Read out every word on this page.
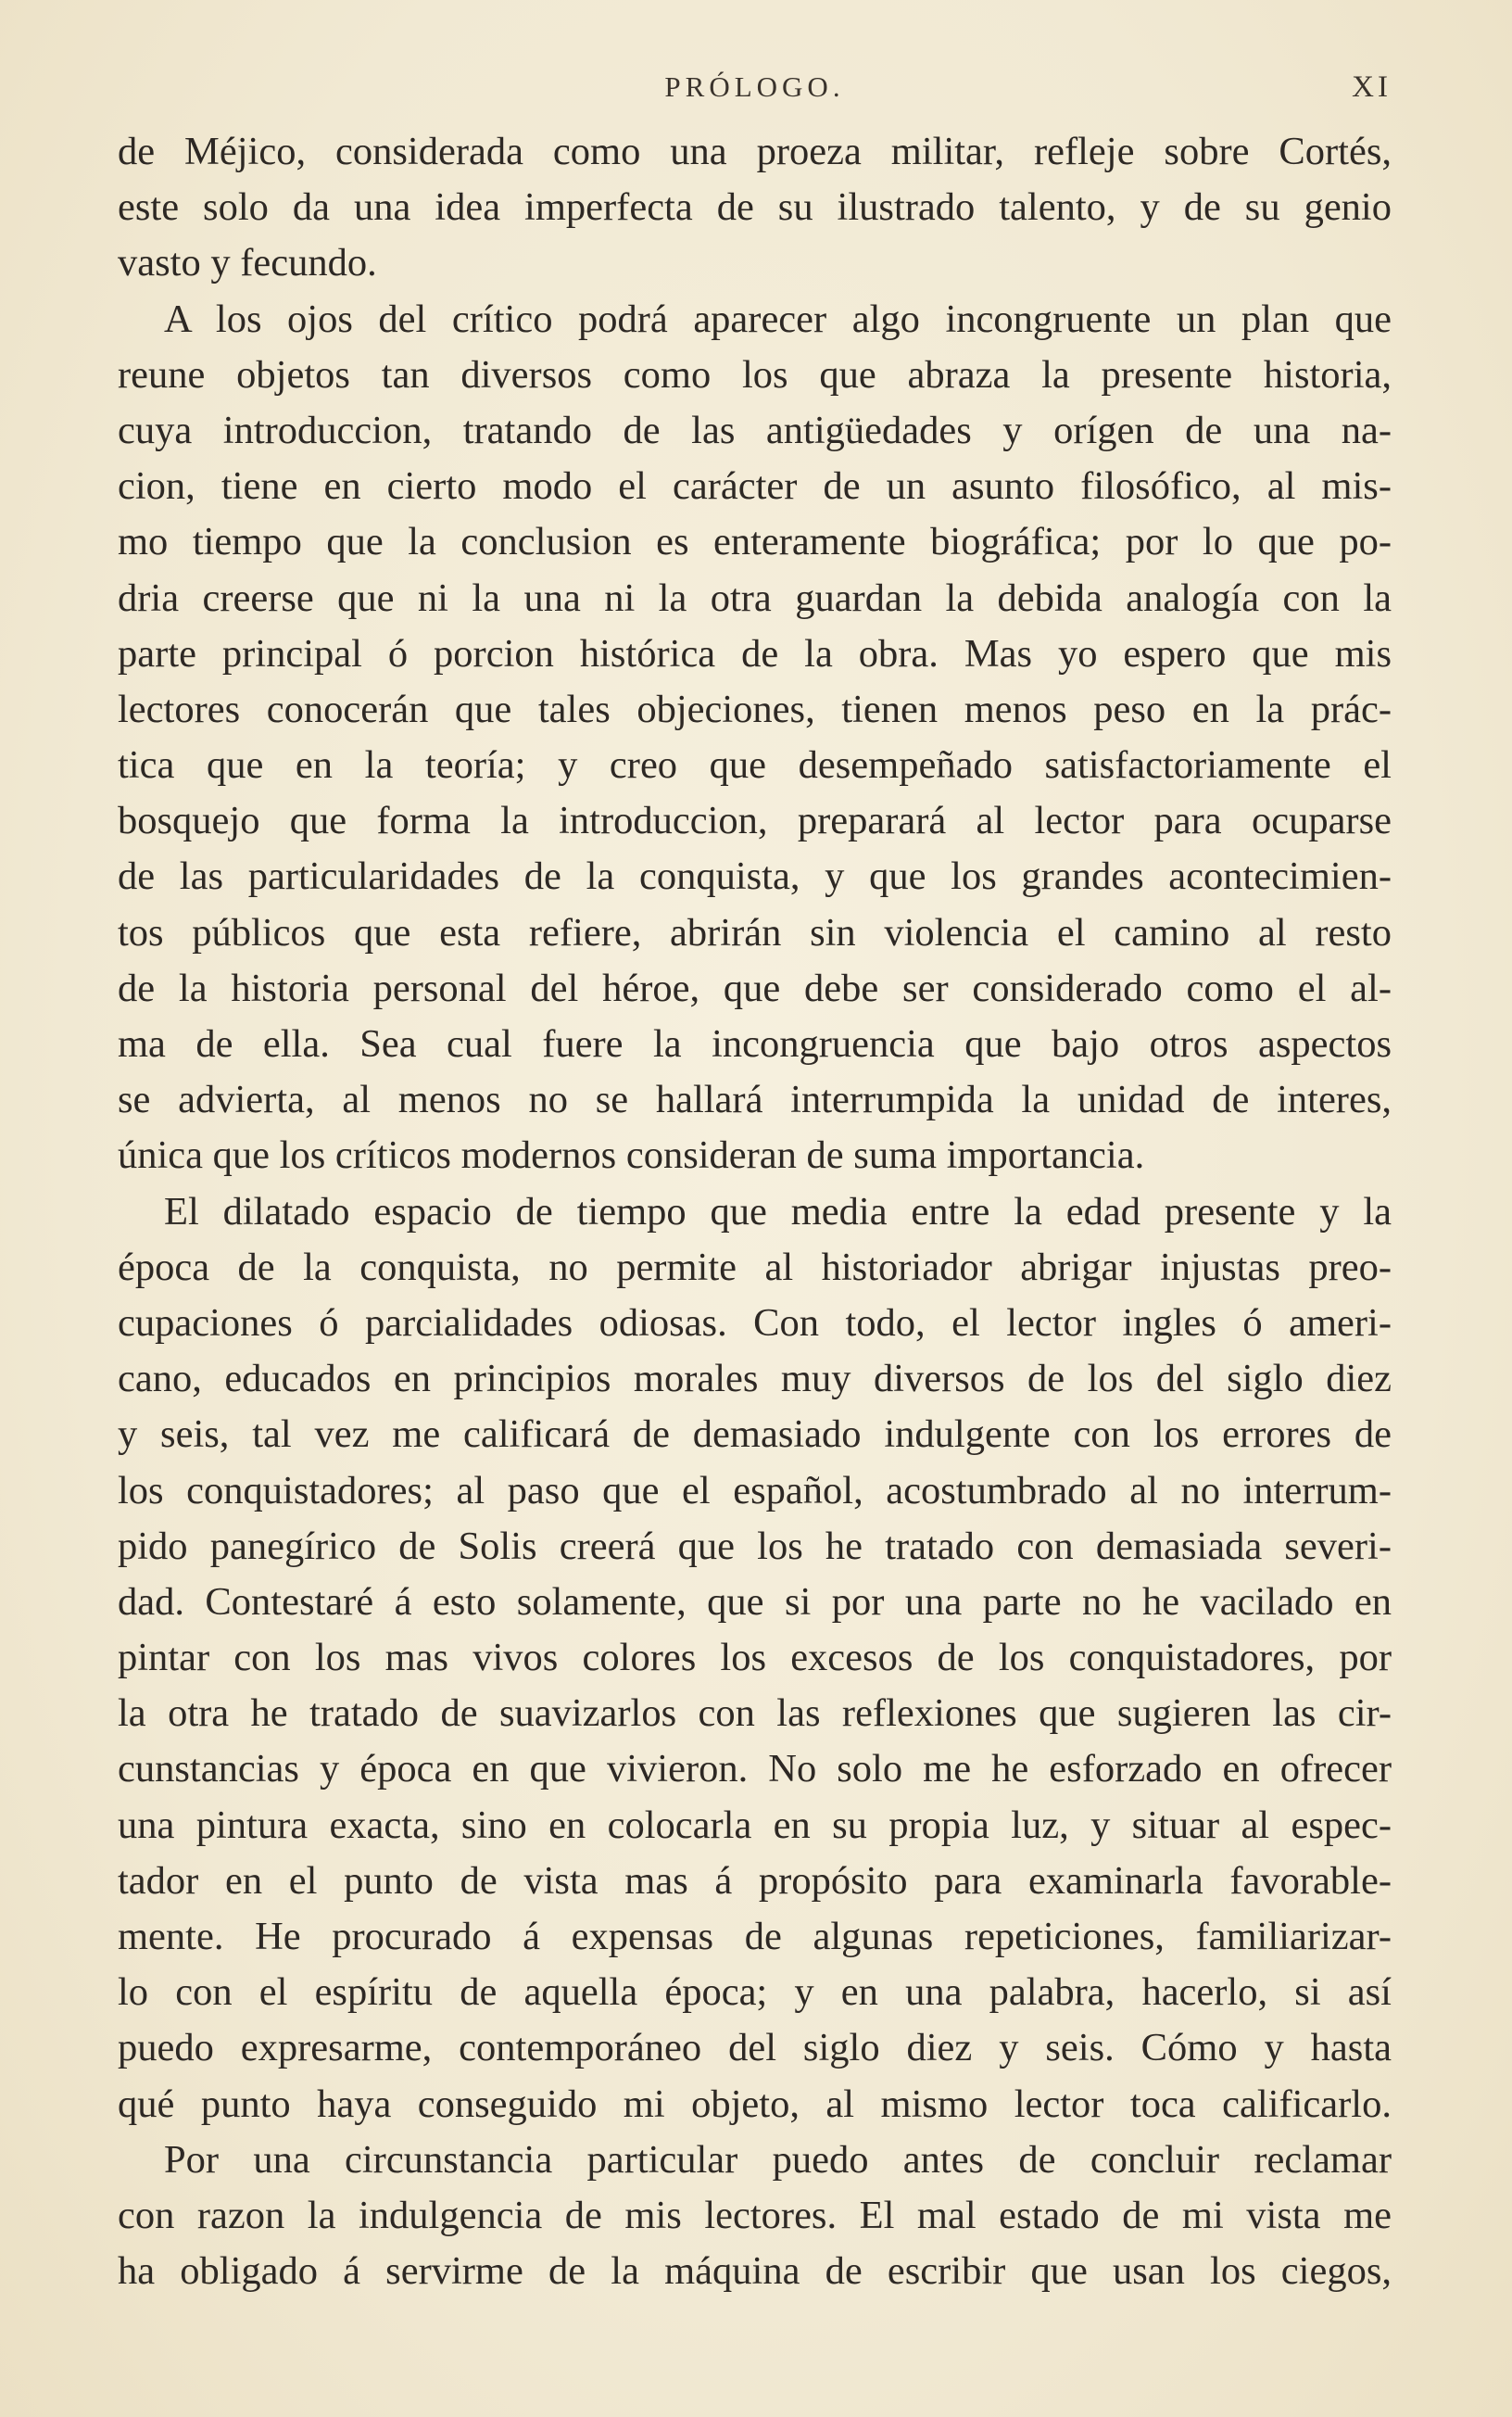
PRÓLOGO.	XI
de Méjico, considerada como una proeza militar, refleje sobre Cortés,
este solo da una idea imperfecta de su ilustrado talento, y de su genio
vasto y fecundo.
A los ojos del crítico podrá aparecer algo incongruente un plan que
reune objetos tan diversos como los que abraza la presente historia,
cuya introduccion, tratando de las antigüedades y orígen de una na-
cion, tiene en cierto modo el carácter de un asunto filosófico, al mis-
mo tiempo que la conclusion es enteramente biográfica; por lo que po-
dria creerse que ni la una ni la otra guardan la debida analogía con la
parte principal ó porcion histórica de la obra. Mas yo espero que mis
lectores conocerán que tales objeciones, tienen menos peso en la prác-
tica que en la teoría; y creo que desempeñado satisfactoriamente el
bosquejo que forma la introduccion, preparará al lector para ocuparse
de las particularidades de la conquista, y que los grandes acontecimien-
tos públicos que esta refiere, abrirán sin violencia el camino al resto
de la historia personal del héroe, que debe ser considerado como el al-
ma de ella. Sea cual fuere la incongruencia que bajo otros aspectos
se advierta, al menos no se hallará interrumpida la unidad de interes,
única que los críticos modernos consideran de suma importancia.
El dilatado espacio de tiempo que media entre la edad presente y la
época de la conquista, no permite al historiador abrigar injustas preo-
cupaciones ó parcialidades odiosas. Con todo, el lector ingles ó ameri-
cano, educados en principios morales muy diversos de los del siglo diez
y seis, tal vez me calificará de demasiado indulgente con los errores de
los conquistadores; al paso que el español, acostumbrado al no interrum-
pido panegírico de Solis creerá que los he tratado con demasiada severi-
dad. Contestaré á esto solamente, que si por una parte no he vacilado en
pintar con los mas vivos colores los excesos de los conquistadores, por
la otra he tratado de suavizarlos con las reflexiones que sugieren las cir-
cunstancias y época en que vivieron. No solo me he esforzado en ofrecer
una pintura exacta, sino en colocarla en su propia luz, y situar al espec-
tador en el punto de vista mas á propósito para examinarla favorable-
mente. He procurado á expensas de algunas repeticiones, familiarizar-
lo con el espíritu de aquella época; y en una palabra, hacerlo, si así
puedo expresarme, contemporáneo del siglo diez y seis. Cómo y hasta
qué punto haya conseguido mi objeto, al mismo lector toca calificarlo.
Por una circunstancia particular puedo antes de concluir reclamar
con razon la indulgencia de mis lectores. El mal estado de mi vista me
ha obligado á servirme de la máquina de escribir que usan los ciegos,
